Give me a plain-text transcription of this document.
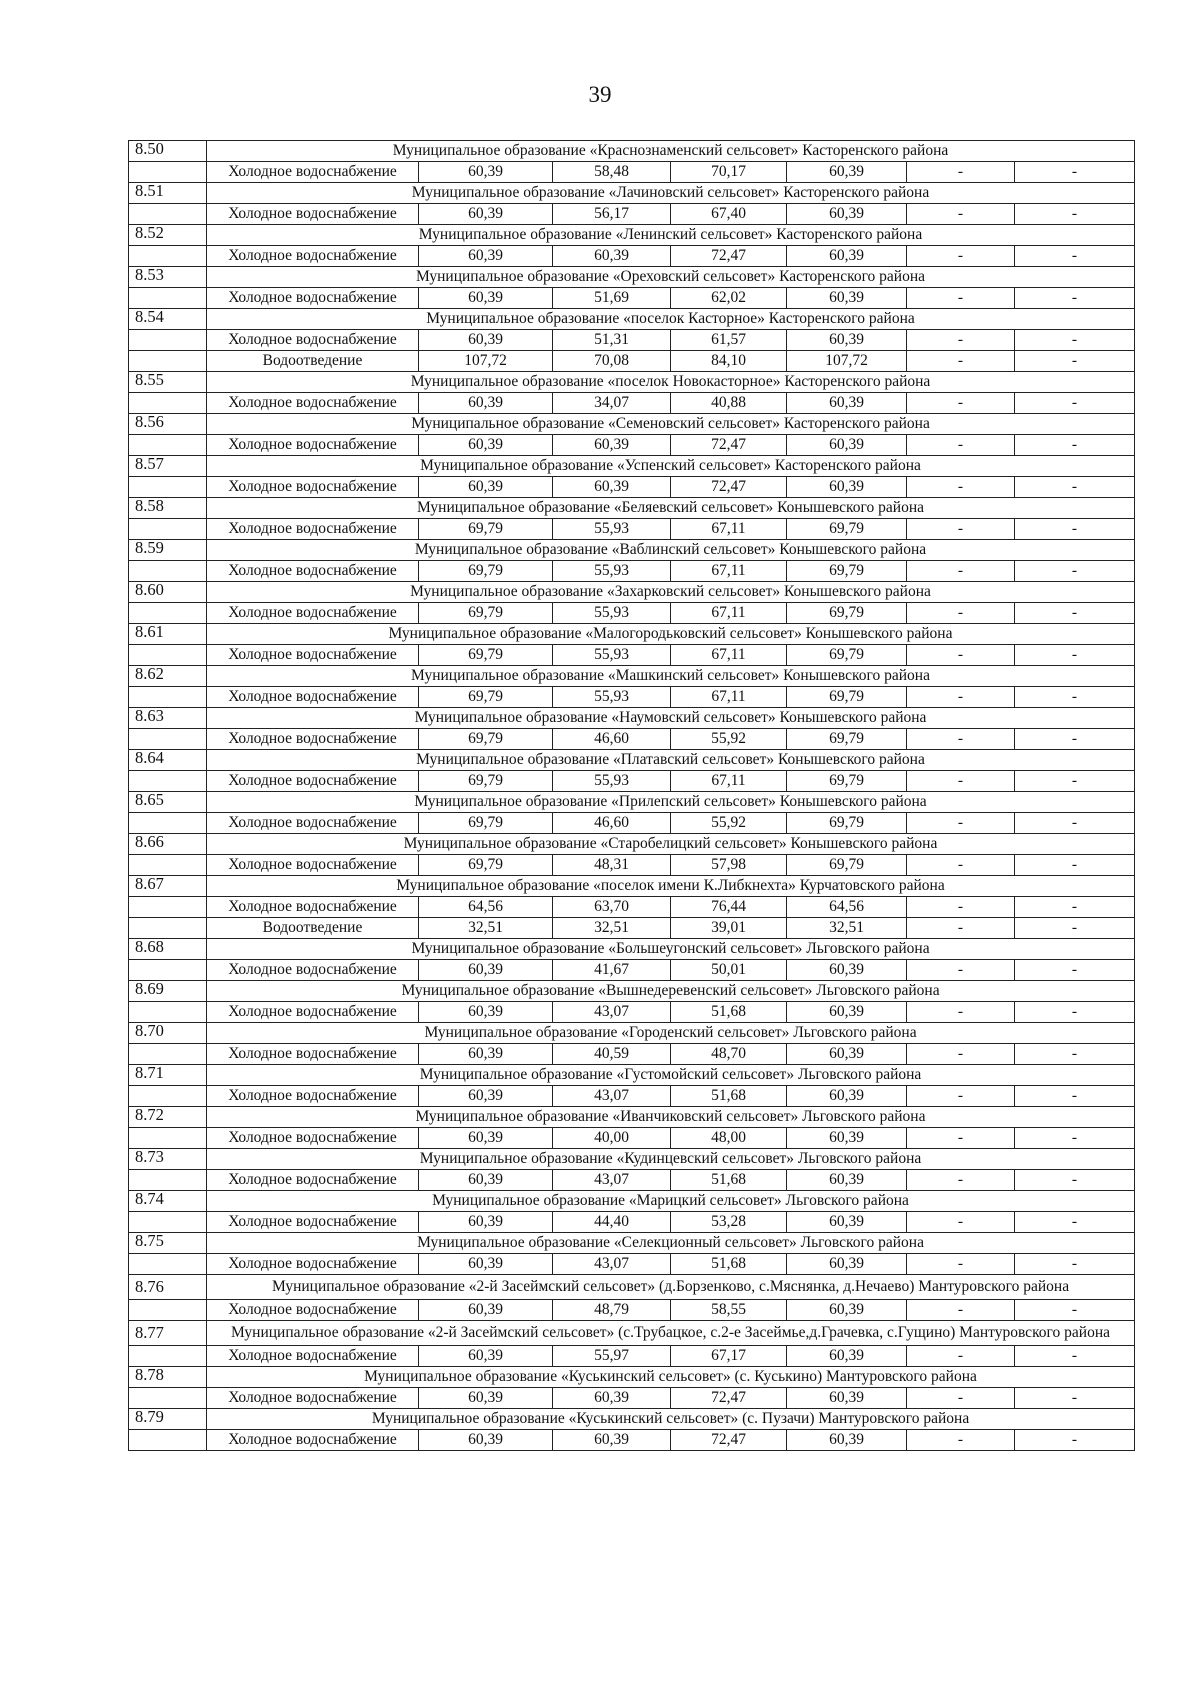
39
8.50	Муниципальное образование «Краснознаменский сельсовет» Касторенского района						
	Холодное водоснабжение	60,39	58,48	70,17	60,39	-	-
8.51	Муниципальное образование «Лачиновский сельсовет» Касторенского района						
	Холодное водоснабжение	60,39	56,17	67,40	60,39	-	-
8.52	Муниципальное образование «Ленинский сельсовет» Касторенского района						
	Холодное водоснабжение	60,39	60,39	72,47	60,39	-	-
8.53	Муниципальное образование «Ореховский сельсовет» Касторенского района						
	Холодное водоснабжение	60,39	51,69	62,02	60,39	-	-
8.54	Муниципальное образование «поселок Касторное» Касторенского района						
	Холодное водоснабжение	60,39	51,31	61,57	60,39	-	-
	Водоотведение	107,72	70,08	84,10	107,72	-	-
8.55	Муниципальное образование «поселок Новокасторное» Касторенского района						
	Холодное водоснабжение	60,39	34,07	40,88	60,39	-	-
8.56	Муниципальное образование «Семеновский сельсовет» Касторенского района						
	Холодное водоснабжение	60,39	60,39	72,47	60,39	-	-
8.57	Муниципальное образование «Успенский сельсовет» Касторенского района						
	Холодное водоснабжение	60,39	60,39	72,47	60,39	-	-
8.58	Муниципальное образование «Беляевский сельсовет» Конышевского района						
	Холодное водоснабжение	69,79	55,93	67,11	69,79	-	-
8.59	Муниципальное образование «Ваблинский сельсовет» Конышевского района						
	Холодное водоснабжение	69,79	55,93	67,11	69,79	-	-
8.60	Муниципальное образование «Захарковский сельсовет» Конышевского района						
	Холодное водоснабжение	69,79	55,93	67,11	69,79	-	-
8.61	Муниципальное образование «Малогородьковский сельсовет» Конышевского района						
	Холодное водоснабжение	69,79	55,93	67,11	69,79	-	-
8.62	Муниципальное образование «Машкинский сельсовет» Конышевского района						
	Холодное водоснабжение	69,79	55,93	67,11	69,79	-	-
8.63	Муниципальное образование «Наумовский сельсовет» Конышевского района						
	Холодное водоснабжение	69,79	46,60	55,92	69,79	-	-
8.64	Муниципальное образование «Платавский сельсовет» Конышевского района						
	Холодное водоснабжение	69,79	55,93	67,11	69,79	-	-
8.65	Муниципальное образование «Прилепский сельсовет» Конышевского района						
	Холодное водоснабжение	69,79	46,60	55,92	69,79	-	-
8.66	Муниципальное образование «Старобелицкий сельсовет» Конышевского района						
	Холодное водоснабжение	69,79	48,31	57,98	69,79	-	-
8.67	Муниципальное образование «поселок имени К.Либкнехта» Курчатовского района						
	Холодное водоснабжение	64,56	63,70	76,44	64,56	-	-
	Водоотведение	32,51	32,51	39,01	32,51	-	-
8.68	Муниципальное образование «Большеугонский сельсовет» Льговского района						
	Холодное водоснабжение	60,39	41,67	50,01	60,39	-	-
8.69	Муниципальное образование «Вышнедеревенский сельсовет» Льговского района						
	Холодное водоснабжение	60,39	43,07	51,68	60,39	-	-
8.70	Муниципальное образование «Городенский сельсовет» Льговского района						
	Холодное водоснабжение	60,39	40,59	48,70	60,39	-	-
8.71	Муниципальное образование «Густомойский сельсовет» Льговского района						
	Холодное водоснабжение	60,39	43,07	51,68	60,39	-	-
8.72	Муниципальное образование «Иванчиковский сельсовет» Льговского района						
	Холодное водоснабжение	60,39	40,00	48,00	60,39	-	-
8.73	Муниципальное образование «Кудинцевский сельсовет» Льговского района						
	Холодное водоснабжение	60,39	43,07	51,68	60,39	-	-
8.74	Муниципальное образование «Марицкий сельсовет» Льговского района						
	Холодное водоснабжение	60,39	44,40	53,28	60,39	-	-
8.75	Муниципальное образование «Селекционный сельсовет» Льговского района						
	Холодное водоснабжение	60,39	43,07	51,68	60,39	-	-
8.76	Муниципальное образование «2-й Засеймский сельсовет» (д.Борзенково, с.Мяснянка, д.Нечаево) Мантуровского района						
	Холодное водоснабжение	60,39	48,79	58,55	60,39	-	-
8.77	Муниципальное образование «2-й Засеймский сельсовет» (с.Трубацкое, с.2-е Засеймье,д.Грачевка, с.Гущино) Мантуровского района						
	Холодное водоснабжение	60,39	55,97	67,17	60,39	-	-
8.78	Муниципальное образование «Куськинский сельсовет» (с. Куськино) Мантуровского района						
	Холодное водоснабжение	60,39	60,39	72,47	60,39	-	-
8.79	Муниципальное образование «Куськинский сельсовет» (с. Пузачи) Мантуровского района						
	Холодное водоснабжение	60,39	60,39	72,47	60,39	-	-
